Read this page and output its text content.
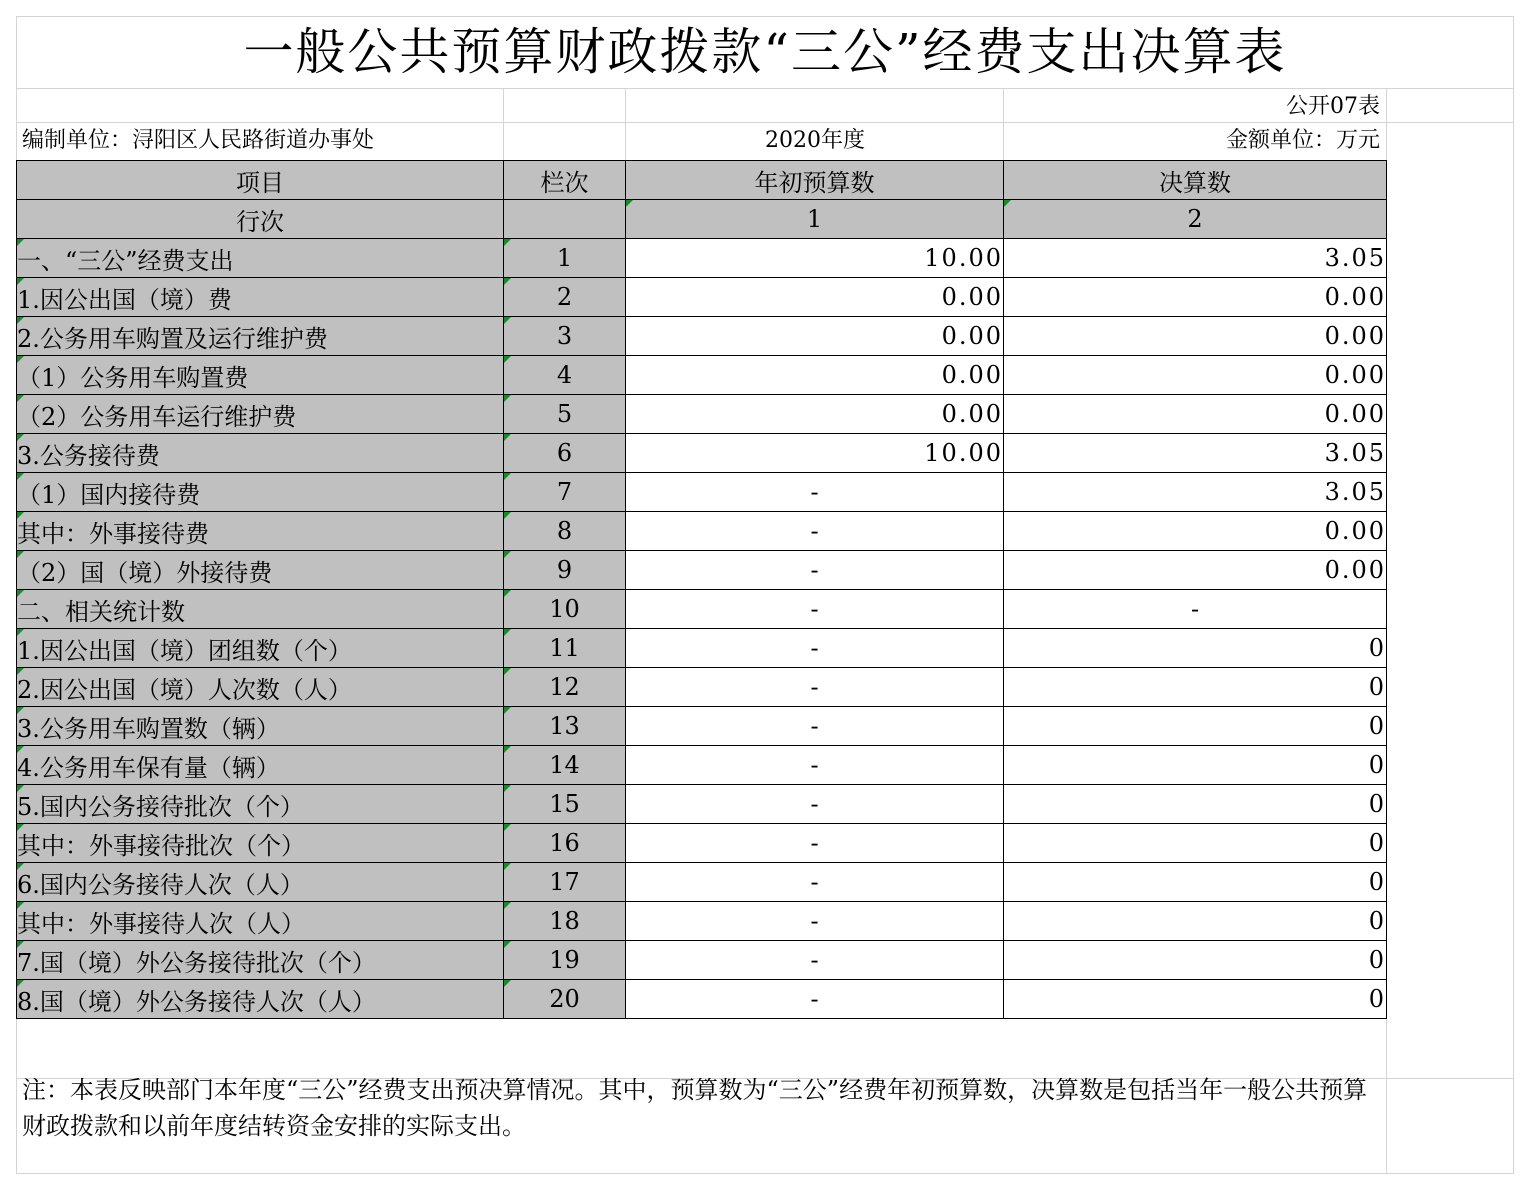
一般公共预算财政拨款“三公”经费支出决算表
公开07表
编制单位：浔阳区人民路街道办事处	2020年度	金额单位：万元
项目	栏次	年初预算数	决算数
行次		1	2
一、“三公”经费支出	1	10.00	3.05
1.因公出国（境）费	2	0.00	0.00
2.公务用车购置及运行维护费	3	0.00	0.00
（1）公务用车购置费	4	0.00	0.00
（2）公务用车运行维护费	5	0.00	0.00
3.公务接待费	6	10.00	3.05
（1）国内接待费	7	-	3.05
其中：外事接待费	8	-	0.00
（2）国（境）外接待费	9	-	0.00
二、相关统计数	10	-	-
1.因公出国（境）团组数（个）	11	-	0
2.因公出国（境）人次数（人）	12	-	0
3.公务用车购置数（辆）	13	-	0
4.公务用车保有量（辆）	14	-	0
5.国内公务接待批次（个）	15	-	0
其中：外事接待批次（个）	16	-	0
6.国内公务接待人次（人）	17	-	0
其中：外事接待人次（人）	18	-	0
7.国（境）外公务接待批次（个）	19	-	0
8.国（境）外公务接待人次（人）	20	-	0
注：本表反映部门本年度“三公”经费支出预决算情况。其中，预算数为“三公”经费年初预算数，决算数是包括当年一般公共预算财政拨款和以前年度结转资金安排的实际支出。
